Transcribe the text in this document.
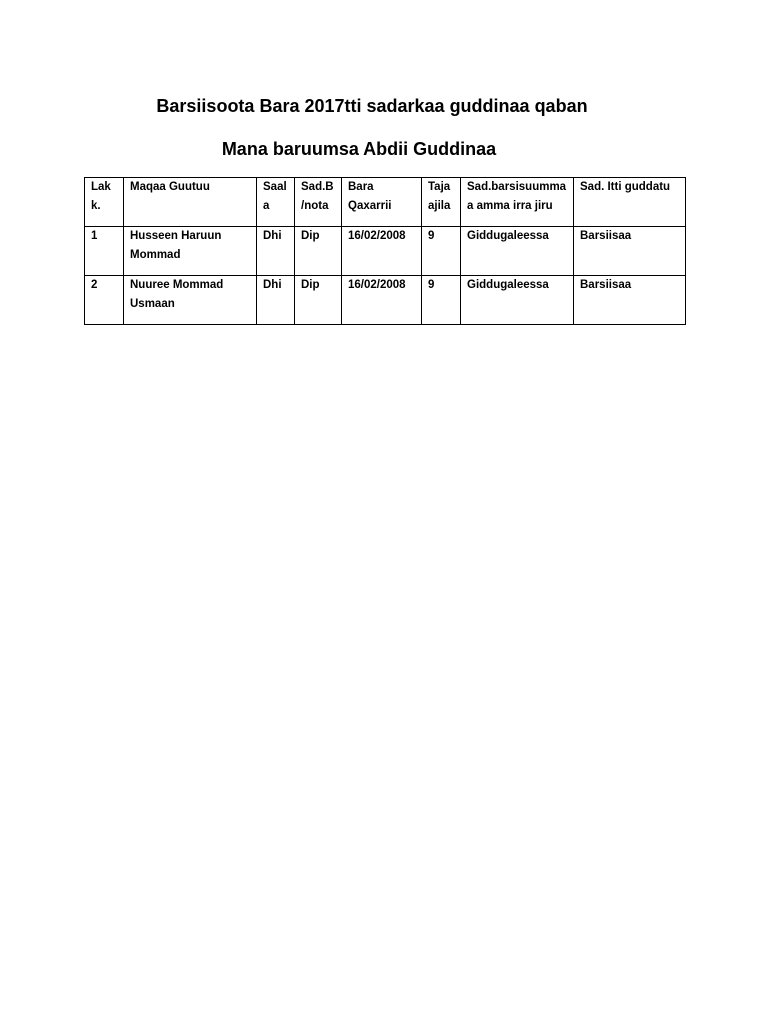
Barsiisoota Bara 2017tti sadarkaa guddinaa qaban
Mana baruumsa Abdii Guddinaa
Lakk.	Maqaa Guutuu	Saala	Sad.B/nota	Bara Qaxarrii	Taja ajila	Sad.barsisuummaa amma irra jiru	Sad. Itti guddatu
1	Husseen Haruun Mommad	Dhi	Dip	16/02/2008	9	Giddugaleessa	Barsiisaa
2	Nuuree Mommad Usmaan	Dhi	Dip	16/02/2008	9	Giddugaleessa	Barsiisaa
